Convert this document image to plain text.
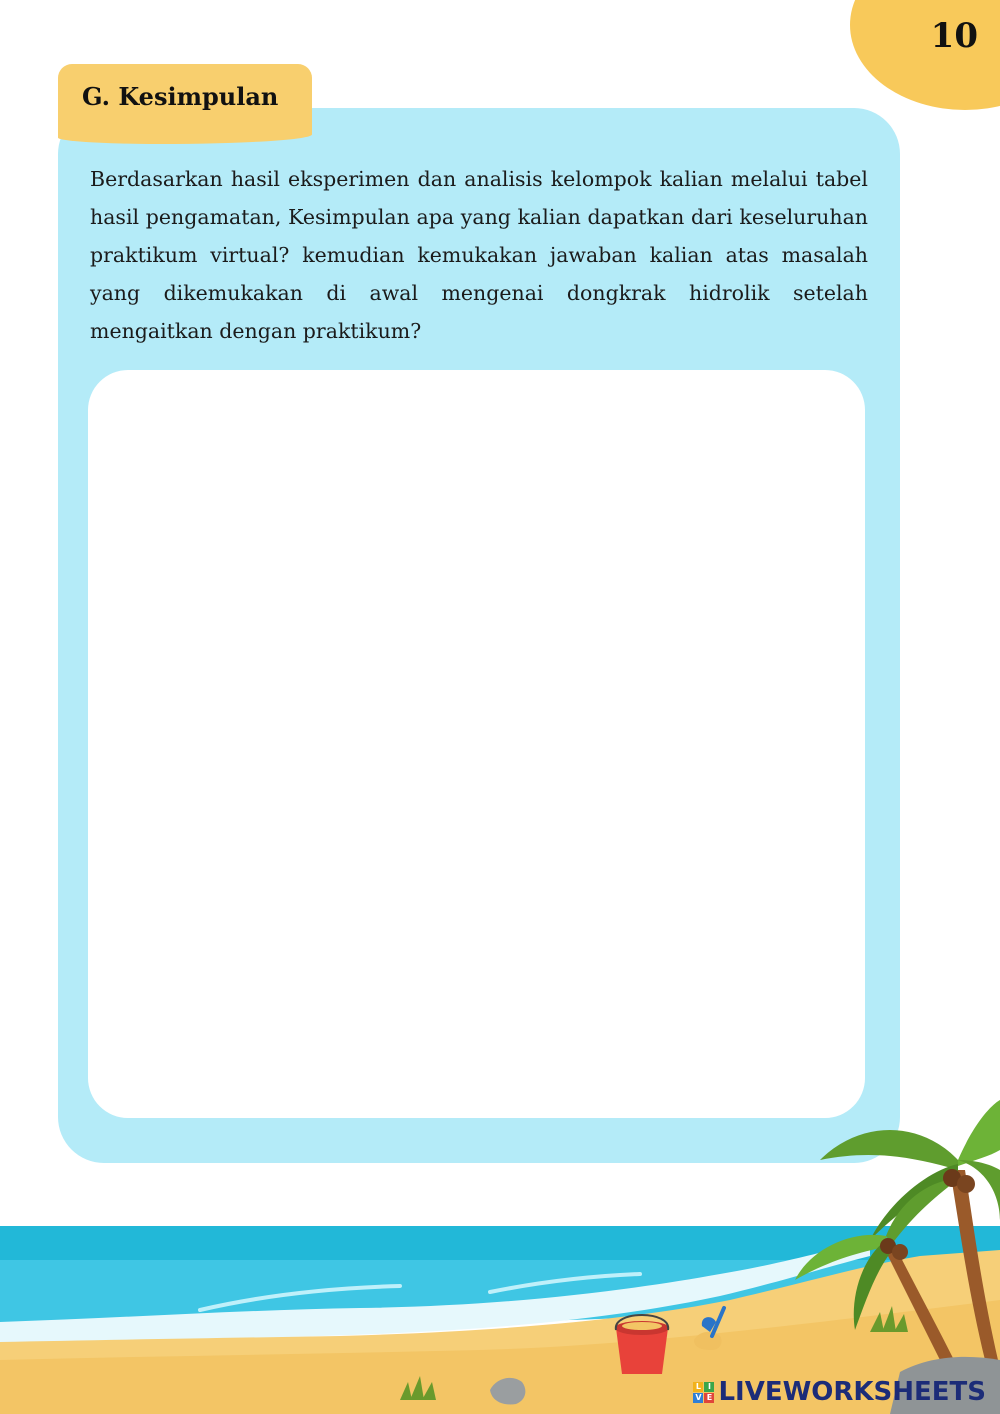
10
G. Kesimpulan

Berdasarkan hasil eksperimen dan analisis kelompok kalian melalui tabel hasil pengamatan, Kesimpulan apa yang kalian dapatkan dari keseluruhan praktikum virtual? kemudian kemukakan jawaban kalian atas masalah yang dikemukakan di awal mengenai dongkrak hidrolik setelah mengaitkan dengan praktikum?

L I
V E LIVEWORKSHEETS
